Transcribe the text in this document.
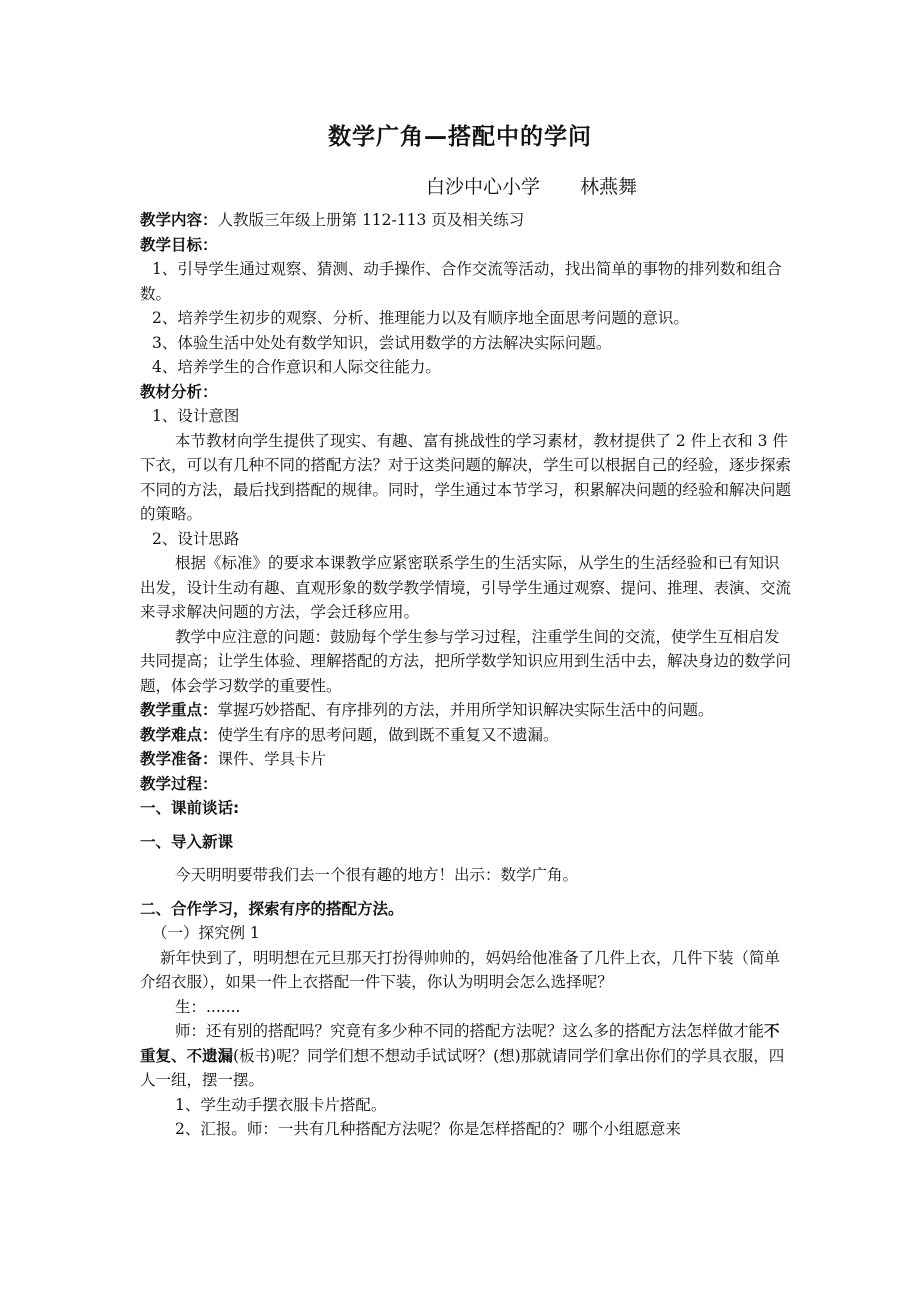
数学广角—搭配中的学问
白沙中心小学 林燕舞

教学内容：人教版三年级上册第 112-113 页及相关练习

教学目标：

1、引导学生通过观察、猜测、动手操作、合作交流等活动，找出简单的事物的排列数和组合数。

2、培养学生初步的观察、分析、推理能力以及有顺序地全面思考问题的意识。

3、体验生活中处处有数学知识，尝试用数学的方法解决实际问题。

4、培养学生的合作意识和人际交往能力。

教材分析：

1、设计意图

本节教材向学生提供了现实、有趣、富有挑战性的学习素材，教材提供了 2 件上衣和 3 件下衣，可以有几种不同的搭配方法？对于这类问题的解决，学生可以根据自己的经验，逐步探索不同的方法，最后找到搭配的规律。同时，学生通过本节学习，积累解决问题的经验和解决问题的策略。

2、设计思路

根据《标准》的要求本课教学应紧密联系学生的生活实际，从学生的生活经验和已有知识出发，设计生动有趣、直观形象的数学教学情境，引导学生通过观察、提问、推理、表演、交流来寻求解决问题的方法，学会迁移应用。

教学中应注意的问题：鼓励每个学生参与学习过程，注重学生间的交流，使学生互相启发共同提高；让学生体验、理解搭配的方法，把所学数学知识应用到生活中去，解决身边的数学问题，体会学习数学的重要性。

教学重点：掌握巧妙搭配、有序排列的方法，并用所学知识解决实际生活中的问题。

教学难点：使学生有序的思考问题，做到既不重复又不遗漏。

教学准备：课件、学具卡片

教学过程：

一、课前谈话:

一、导入新课

今天明明要带我们去一个很有趣的地方！出示：数学广角。

二、合作学习，探索有序的搭配方法。

（一）探究例 1

新年快到了，明明想在元旦那天打扮得帅帅的，妈妈给他准备了几件上衣，几件下装（简单介绍衣服），如果一件上衣搭配一件下装，你认为明明会怎么选择呢？

生：.......

师：还有别的搭配吗？究竟有多少种不同的搭配方法呢？这么多的搭配方法怎样做才能不重复、不遗漏(板书)呢？同学们想不想动手试试呀？(想)那就请同学们拿出你们的学具衣服，四人一组，摆一摆。

1、学生动手摆衣服卡片搭配。

2、汇报。师：一共有几种搭配方法呢？你是怎样搭配的？哪个小组愿意来
